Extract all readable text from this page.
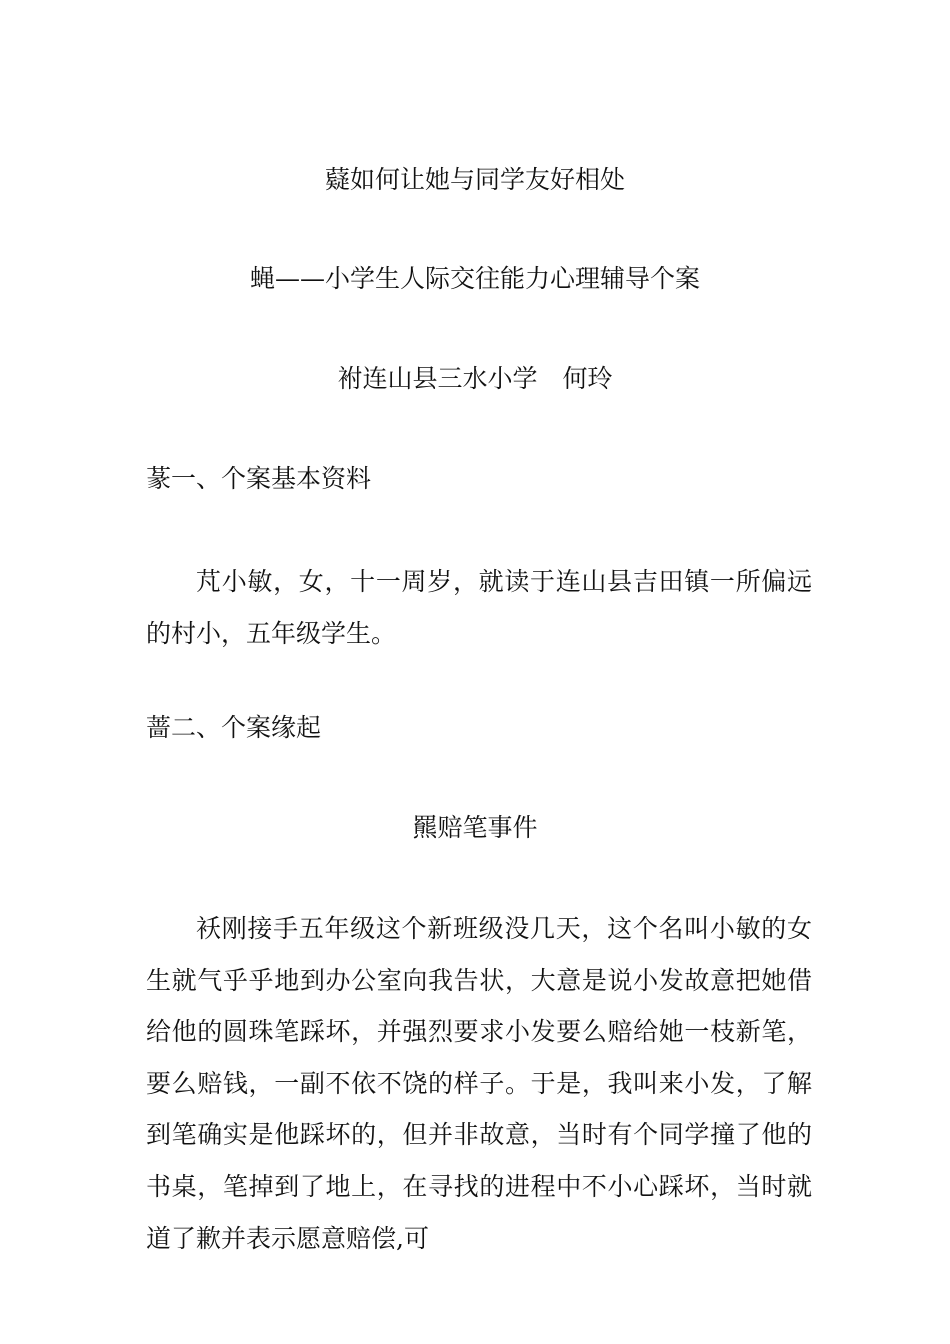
薿如何让她与同学友好相处

蝇——小学生人际交往能力心理辅导个案

袝连山县三水小学　何玲

蒃一、个案基本资料

芃小敏，女，十一周岁，就读于连山县吉田镇一所偏远的村小，五年级学生。

蔷二、个案缘起

羆赔笔事件

袄刚接手五年级这个新班级没几天，这个名叫小敏的女生就气乎乎地到办公室向我告状，大意是说小发故意把她借给他的圆珠笔踩坏，并强烈要求小发要么赔给她一枝新笔，要么赔钱，一副不依不饶的样子。于是，我叫来小发，了解到笔确实是他踩坏的，但并非故意，当时有个同学撞了他的书桌，笔掉到了地上，在寻找的进程中不小心踩坏，当时就道了歉并表示愿意赔偿,可
